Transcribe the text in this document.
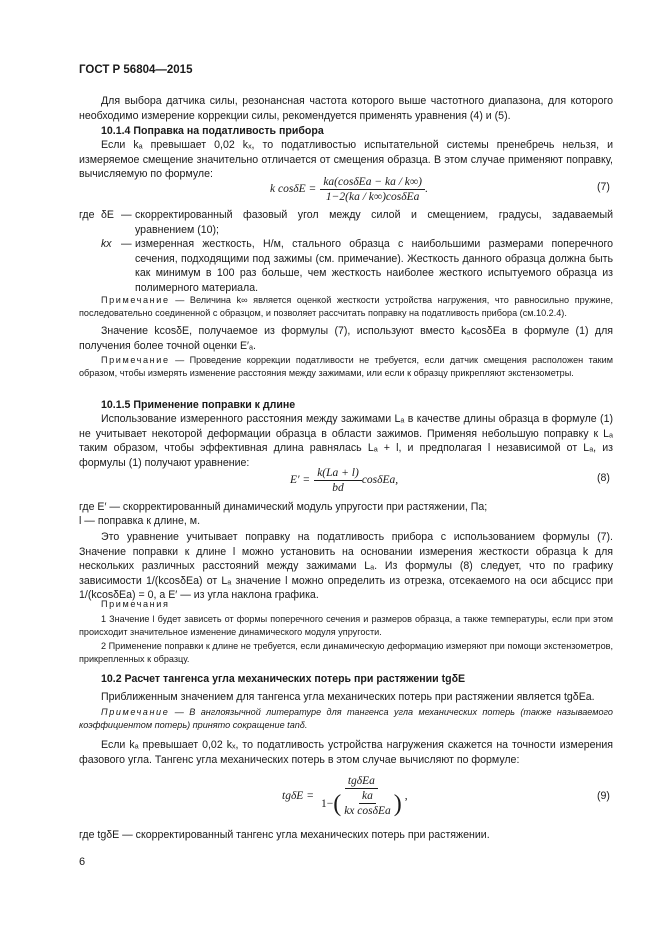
ГОСТ Р 56804—2015
Для выбора датчика силы, резонансная частота которого выше частотного диапазона, для которого необходимо измерение коррекции силы, рекомендуется применять уравнения (4) и (5).
10.1.4 Поправка на податливость прибора
Если kₐ превышает 0,02 kₓ, то податливостью испытательной системы пренебречь нельзя, и измеряемое смещение значительно отличается от смещения образца. В этом случае применяют поправку, вычисляемую по формуле:
k $\cos\delta E = \frac{\text{ka(cosδEa − ka / k∞)}}{\text{1−2(ka / k∞)cosδEa}}$ .	(7)
где δE — скорректированный фазовый угол между силой и смещением, градусы, задаваемый уравнением (10);
kx — измеренная жесткость, Н/м, стального образца с наибольшими размерами поперечного сечения, подходящими под зажимы (см. примечание). Жесткость данного образца должна быть как минимум в 100 раз больше, чем жесткость наиболее жесткого испытуемого образца из полимерного материала.
Примечание — Величина k∞ является оценкой жесткости устройства нагружения, что равносильно пружине, последовательно соединенной с образцом, и позволяет рассчитать поправку на податливость прибора (см.10.2.4).
Значение kcosδE, получаемое из формулы (7), используют вместо kₐcosδEa в формуле (1) для получения более точной оценки E′ₐ.
Примечание — Проведение коррекции податливости не требуется, если датчик смещения расположен таким образом, чтобы измерять изменение расстояния между зажимами, или если к образцу прикрепляют экстензометры.
10.1.5 Применение поправки к длине
Использование измеренного расстояния между зажимами Lₐ в качестве длины образца в формуле (1) не учитывает некоторой деформации образца в области зажимов. Применяя небольшую поправку к Lₐ таким образом, чтобы эффективная длина равнялась Lₐ + l, и предполагая l независимой от Lₐ, из формулы (1) получают уравнение:
$E' = \frac{k(La + l)}{bd} \cos\delta Ea$,	(8)
где E′ — скорректированный динамический модуль упругости при растяжении, Па;
l — поправка к длине, м.
Это уравнение учитывает поправку на податливость прибора с использованием формулы (7). Значение поправки к длине l можно установить на основании измерения жесткости образца k для нескольких различных расстояний между зажимами Lₐ. Из формулы (8) следует, что по графику зависимости 1/(kcosδEa) от Lₐ значение l можно определить из отрезка, отсекаемого на оси абсцисс при 1/(kcosδEa) = 0, а E′ — из угла наклона графика.
Примечания
1 Значение l будет зависеть от формы поперечного сечения и размеров образца, а также температуры, если при этом происходит значительное изменение динамического модуля упругости.
2 Применение поправки к длине не требуется, если динамическую деформацию измеряют при помощи экстензометров, прикрепленных к образцу.
10.2 Расчет тангенса угла механических потерь при растяжении tgδE
Приближенным значением для тангенса угла механических потерь при растяжении является tgδEa.
Примечание — В англоязычной литературе для тангенса угла механических потерь (также называемого коэффициентом потерь) принято сокращение tanδ.
Если kₐ превышает 0,02 kₓ, то податливость устройства нагружения скажется на точности измерения фазового угла. Тангенс угла механических потерь в этом случае вычисляют по формуле:
tgδE =
tgδEa
1− ( $\frac{ka}{\text{kx cosδEa}}$ ) ,	(9)
где tgδE — скорректированный тангенс угла механических потерь при растяжении.
6
